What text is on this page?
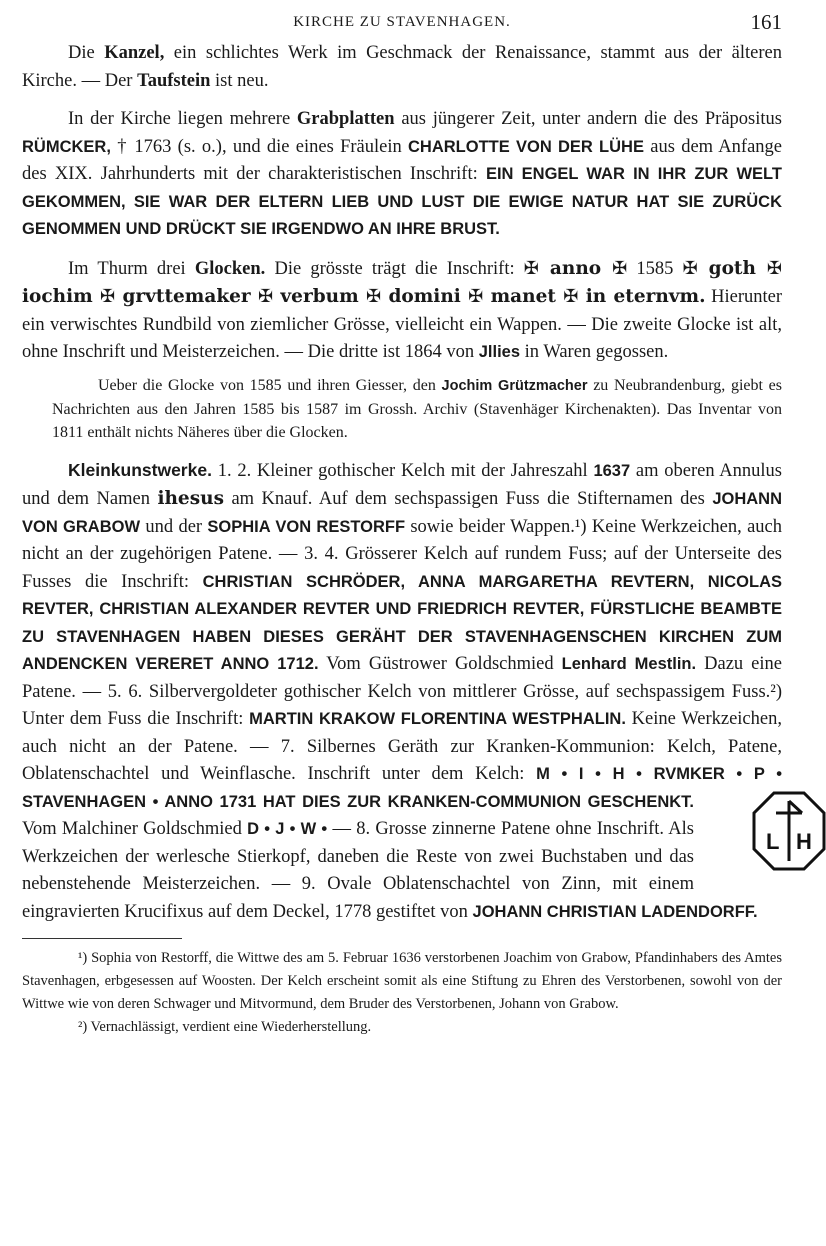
KIRCHE ZU STAVENHAGEN.	161

Die Kanzel, ein schlichtes Werk im Geschmack der Renaissance, stammt aus der älteren Kirche. — Der Taufstein ist neu.

In der Kirche liegen mehrere Grabplatten aus jüngerer Zeit, unter andern die des Präpositus RÜMCKER, † 1763 (s. o.), und die eines Fräulein CHARLOTTE VON DER LÜHE aus dem Anfange des XIX. Jahrhunderts mit der charakteristischen Inschrift: EIN ENGEL WAR IN IHR ZUR WELT GEKOMMEN, SIE WAR DER ELTERN LIEB UND LUST DIE EWIGE NATUR HAT SIE ZURÜCK GENOMMEN UND DRÜCKT SIE IRGENDWO AN IHRE BRUST.

Im Thurm drei Glocken. Die grösste trägt die Inschrift: ✠ anno ✠ 1585 ✠ goth ✠ iochim ✠ grvttemaker ✠ verbum ✠ domini ✠ manet ✠ in eternvm. Hierunter ein verwischtes Rundbild von ziemlicher Grösse, vielleicht ein Wappen. — Die zweite Glocke ist alt, ohne Inschrift und Meisterzeichen. — Die dritte ist 1864 von Jllies in Waren gegossen.

Ueber die Glocke von 1585 und ihren Giesser, den Jochim Grützmacher zu Neubrandenburg, giebt es Nachrichten aus den Jahren 1585 bis 1587 im Grossh. Archiv (Stavenhäger Kirchenakten). Das Inventar von 1811 enthält nichts Näheres über die Glocken.

Kleinkunstwerke. 1. 2. Kleiner gothischer Kelch mit der Jahreszahl 1637 am oberen Annulus und dem Namen ihesus am Knauf. Auf dem sechspassigen Fuss die Stifternamen des JOHANN VON GRABOW und der SOPHIA VON RESTORFF sowie beider Wappen.¹) Keine Werkzeichen, auch nicht an der zugehörigen Patene. — 3. 4. Grösserer Kelch auf rundem Fuss; auf der Unterseite des Fusses die Inschrift: CHRISTIAN SCHRÖDER, ANNA MARGARETHA REVTERN, NICOLAS REVTER, CHRISTIAN ALEXANDER REVTER UND FRIEDRICH REVTER, FÜRSTLICHE BEAMBTE ZU STAVENHAGEN HABEN DIESES GERÄHT DER STAVENHAGENSCHEN KIRCHEN ZUM ANDENCKEN VERERET ANNO 1712. Vom Güstrower Goldschmied Lenhard Mestlin. Dazu eine Patene. — 5. 6. Silbervergoldeter gothischer Kelch von mittlerer Grösse, auf sechspassigem Fuss.²) Unter dem Fuss die Inschrift: MARTIN KRAKOW FLORENTINA WESTPHALIN. Keine Werkzeichen, auch nicht an der Patene. — 7. Silbernes Geräth zur Kranken-Kommunion: Kelch, Patene, Oblatenschachtel und Weinflasche. Inschrift unter dem Kelch: M • I • H • RVMKER • P • STAVENHAGEN • ANNO 1731 HAT DIES ZUR KRANKEN-COMMUNION GESCHENKT.
L H
Vom Malchiner Goldschmied D • J • W • — 8. Grosse zinnerne Patene ohne Inschrift. Als Werkzeichen der werlesche Stierkopf, daneben die Reste von zwei Buchstaben und das nebenstehende Meisterzeichen. — 9. Ovale Oblatenschachtel von Zinn, mit einem eingravierten Krucifixus auf dem Deckel, 1778 gestiftet von JOHANN CHRISTIAN LADENDORFF.

¹) Sophia von Restorff, die Wittwe des am 5. Februar 1636 verstorbenen Joachim von Grabow, Pfandinhabers des Amtes Stavenhagen, erbgesessen auf Woosten. Der Kelch erscheint somit als eine Stiftung zu Ehren des Verstorbenen, sowohl von der Wittwe wie von deren Schwager und Mitvormund, dem Bruder des Verstorbenen, Johann von Grabow.

²) Vernachlässigt, verdient eine Wiederherstellung.
